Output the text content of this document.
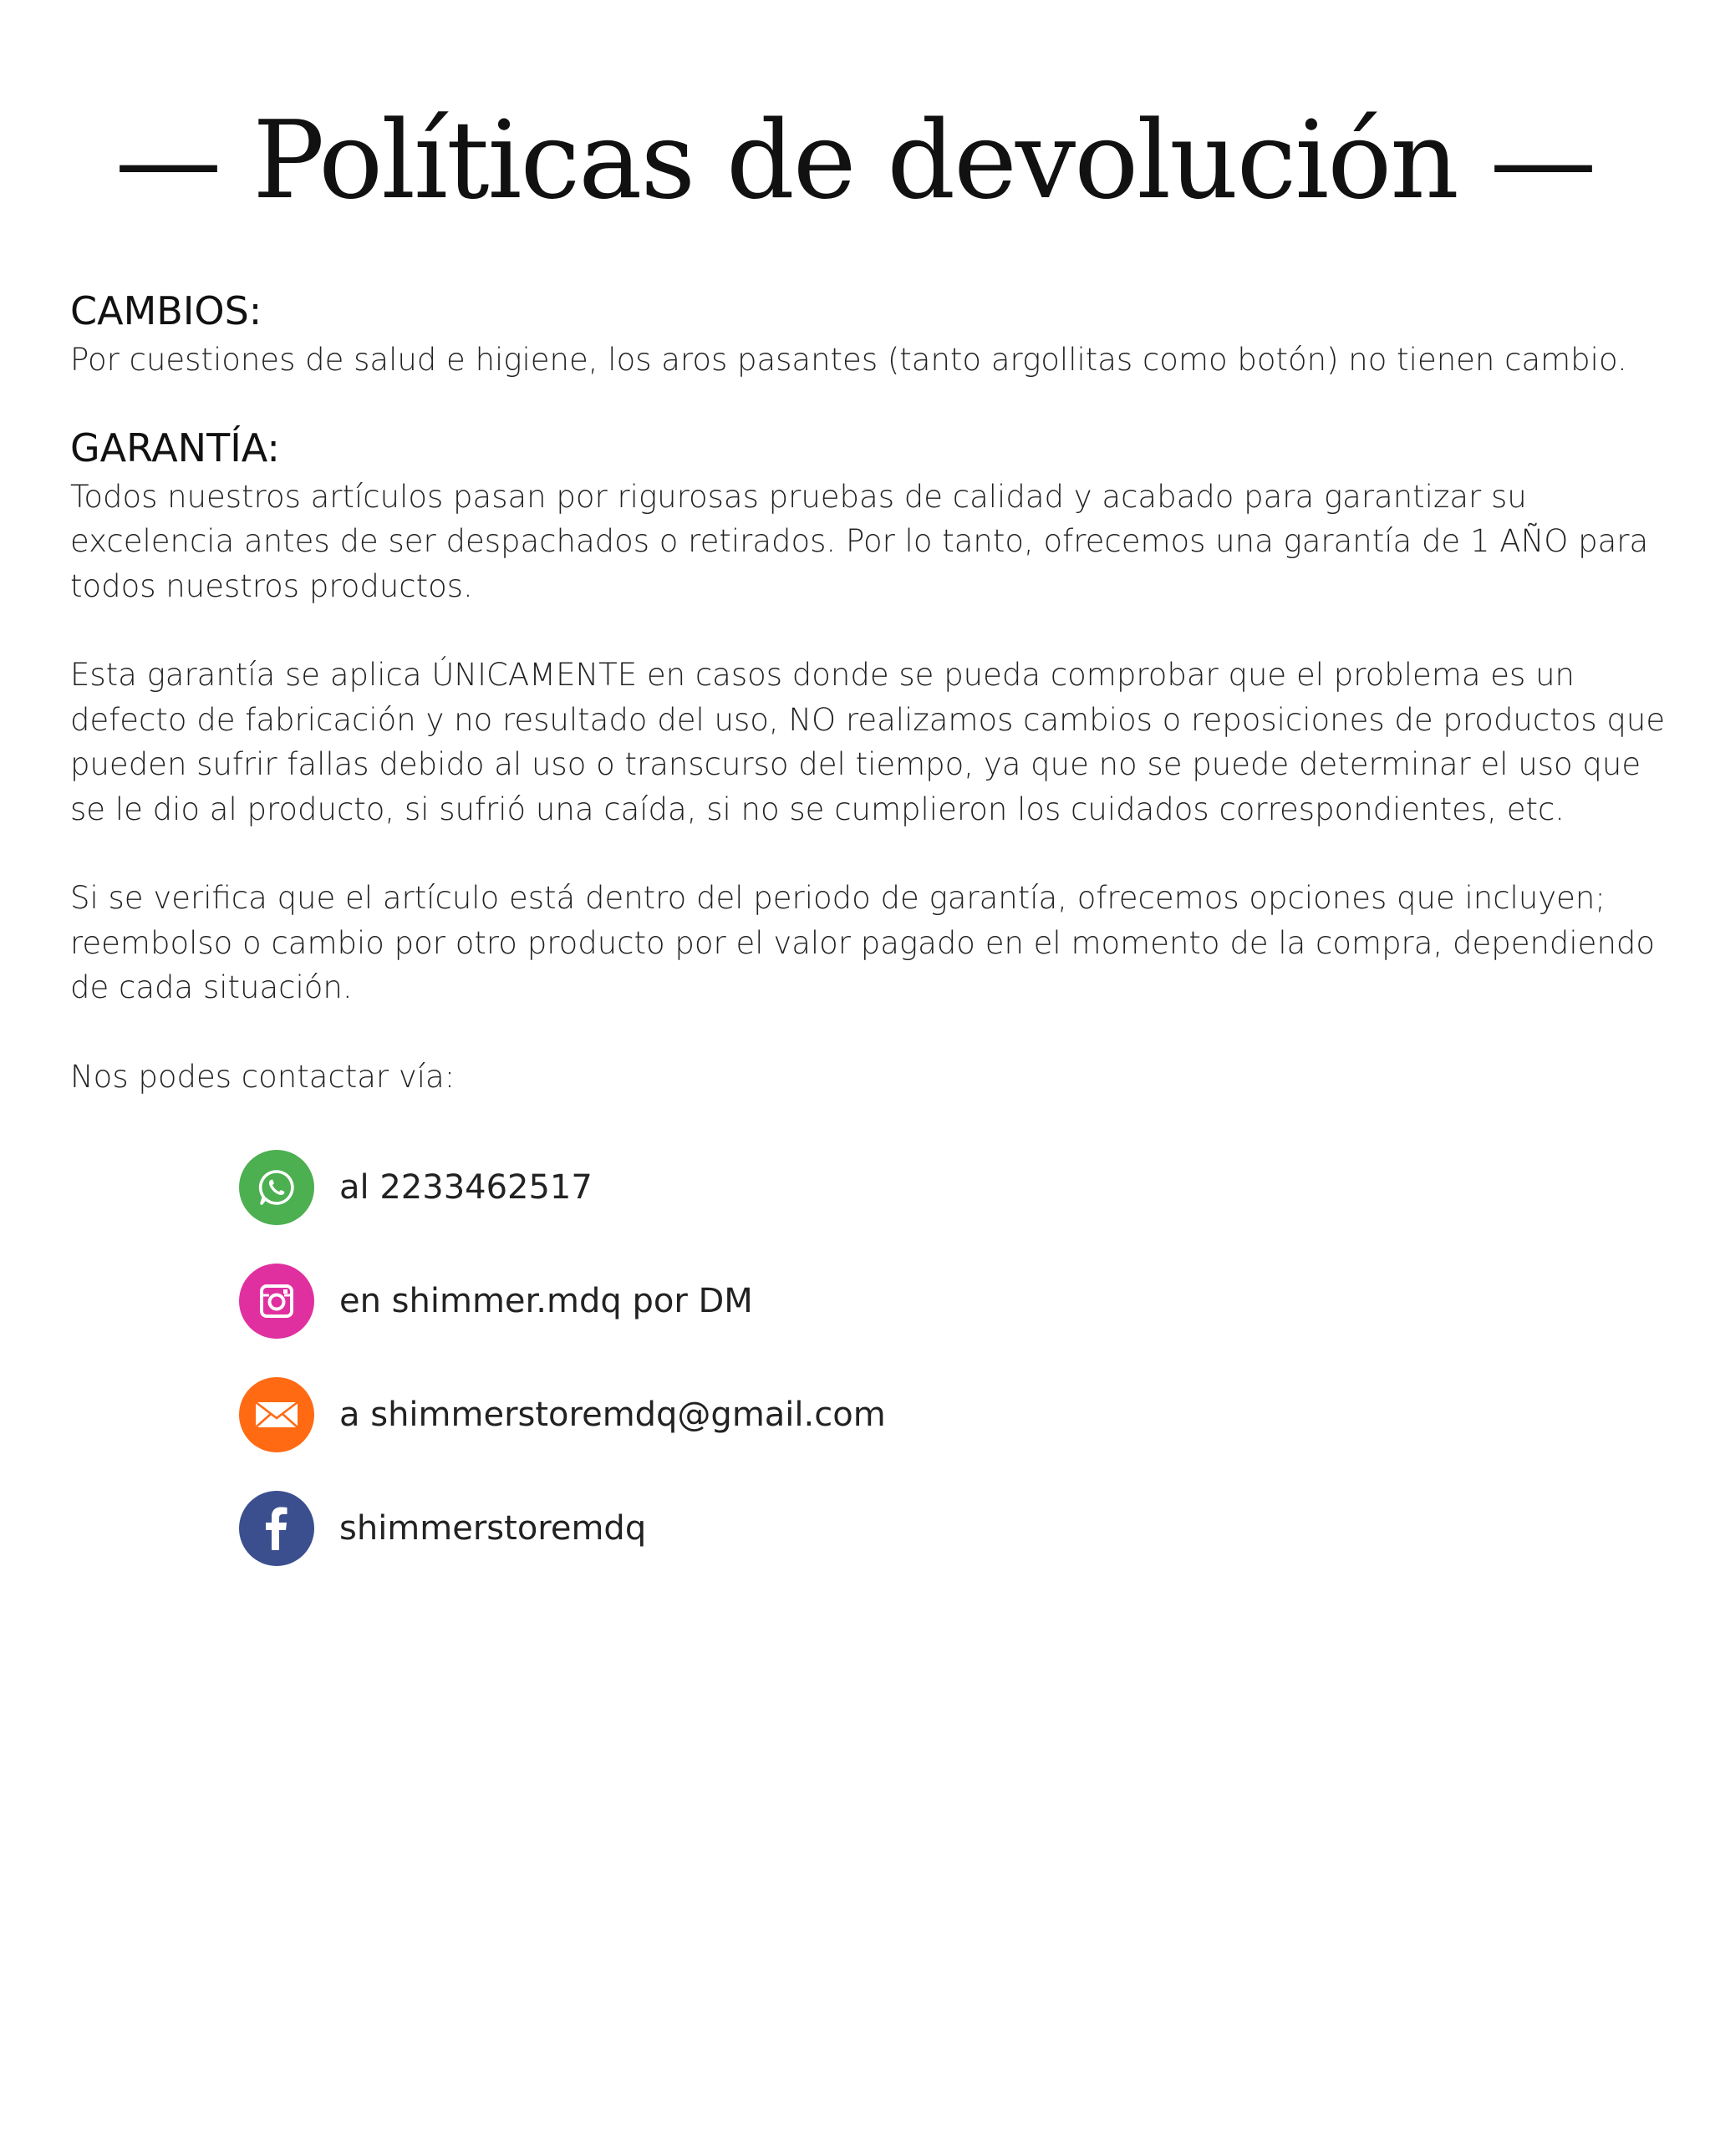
— Políticas de devolución —
CAMBIOS:

Por cuestiones de salud e higiene, los aros pasantes (tanto argollitas como botón) no tienen cambio.

GARANTÍA:

Todos nuestros artículos pasan por rigurosas pruebas de calidad y acabado para garantizar su excelencia antes de ser despachados o retirados. Por lo tanto, ofrecemos una garantía de 1 AÑO para todos nuestros productos.

Esta garantía se aplica ÚNICAMENTE en casos donde se pueda comprobar que el problema es un defecto de fabricación y no resultado del uso, NO realizamos cambios o reposiciones de productos que pueden sufrir fallas debido al uso o transcurso del tiempo, ya que no se puede determinar el uso que se le dio al producto, si sufrió una caída, si no se cumplieron los cuidados correspondientes, etc.

Si se verifica que el artículo está dentro del periodo de garantía, ofrecemos opciones que incluyen; reembolso o cambio por otro producto por el valor pagado en el momento de la compra, dependiendo de cada situación.

Nos podes contactar vía:

al 2233462517
en shimmer.mdq por DM
a shimmerstoremdq@gmail.com
shimmerstoremdq
